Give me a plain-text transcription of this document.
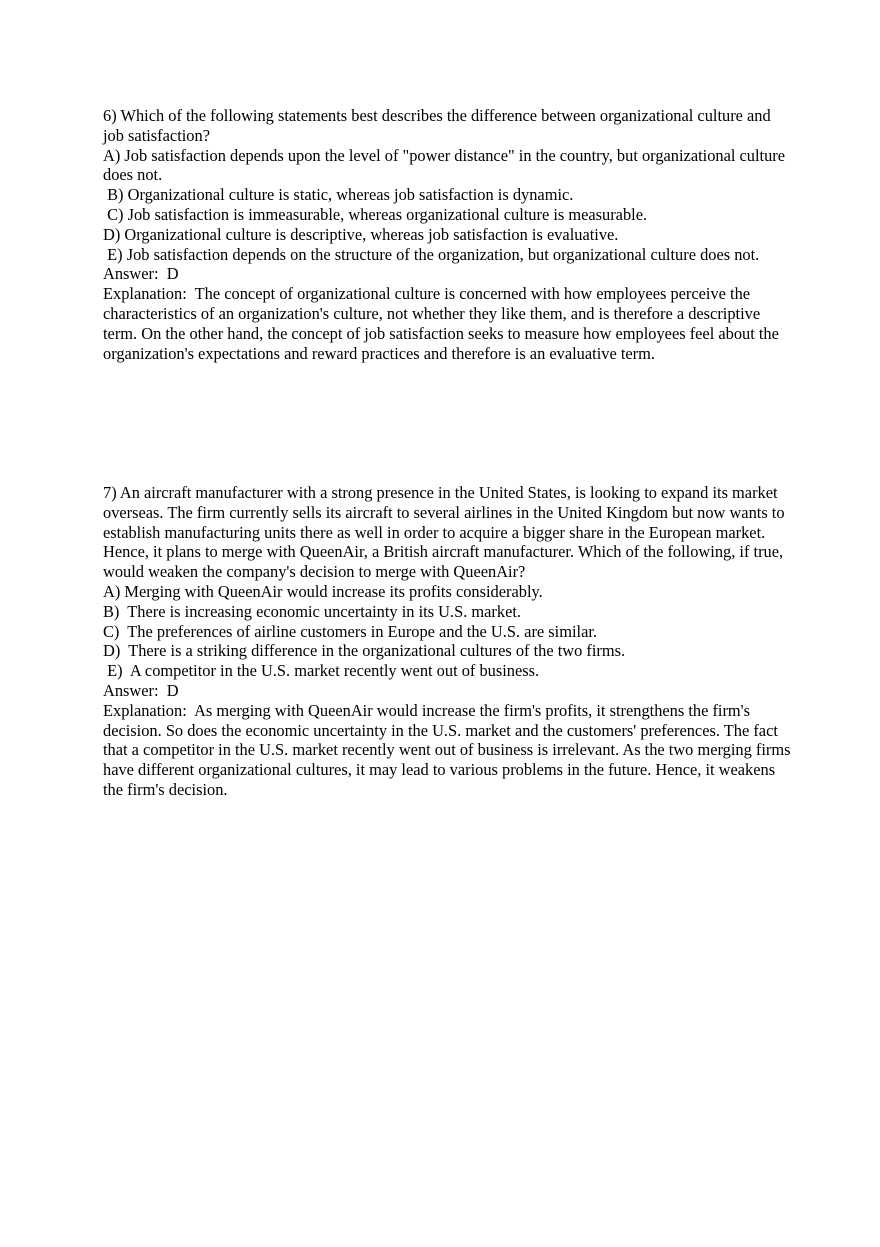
6) Which of the following statements best describes the difference between organizational culture and job satisfaction?

A) Job satisfaction depends upon the level of "power distance" in the country, but organizational culture does not.
B) Organizational culture is static, whereas job satisfaction is dynamic.
C) Job satisfaction is immeasurable, whereas organizational culture is measurable.
D) Organizational culture is descriptive, whereas job satisfaction is evaluative.
E) Job satisfaction depends on the structure of the organization, but organizational culture does not.

Answer: D

Explanation: The concept of organizational culture is concerned with how employees perceive the characteristics of an organization's culture, not whether they like them, and is therefore a descriptive term. On the other hand, the concept of job satisfaction seeks to measure how employees feel about the organization's expectations and reward practices and therefore is an evaluative term.

7) An aircraft manufacturer with a strong presence in the United States, is looking to expand its market overseas. The firm currently sells its aircraft to several airlines in the United Kingdom but now wants to establish manufacturing units there as well in order to acquire a bigger share in the European market. Hence, it plans to merge with QueenAir, a British aircraft manufacturer. Which of the following, if true, would weaken the company's decision to merge with QueenAir?

A) Merging with QueenAir would increase its profits considerably.
B) There is increasing economic uncertainty in its U.S. market.
C) The preferences of airline customers in Europe and the U.S. are similar.
D) There is a striking difference in the organizational cultures of the two firms.
E) A competitor in the U.S. market recently went out of business.

Answer: D

Explanation: As merging with QueenAir would increase the firm's profits, it strengthens the firm's decision. So does the economic uncertainty in the U.S. market and the customers' preferences. The fact that a competitor in the U.S. market recently went out of business is irrelevant. As the two merging firms have different organizational cultures, it may lead to various problems in the future. Hence, it weakens the firm's decision.
